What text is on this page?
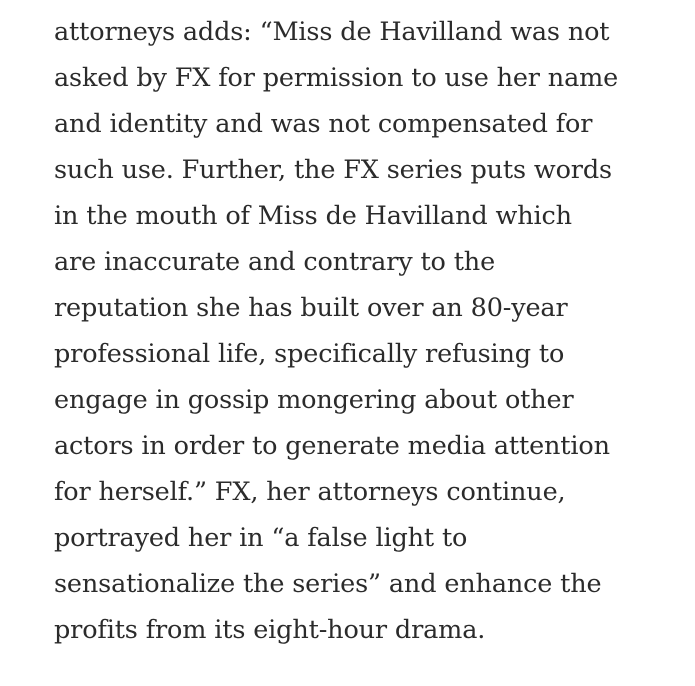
attorneys adds: “Miss de Havilland was not
asked by FX for permission to use her name
and identity and was not compensated for
such use. Further, the FX series puts words
in the mouth of Miss de Havilland which
are inaccurate and contrary to the
reputation she has built over an 80-year
professional life, specifically refusing to
engage in gossip mongering about other
actors in order to generate media attention
for herself.” FX, her attorneys continue,
portrayed her in “a false light to
sensationalize the series” and enhance the
profits from its eight-hour drama.
